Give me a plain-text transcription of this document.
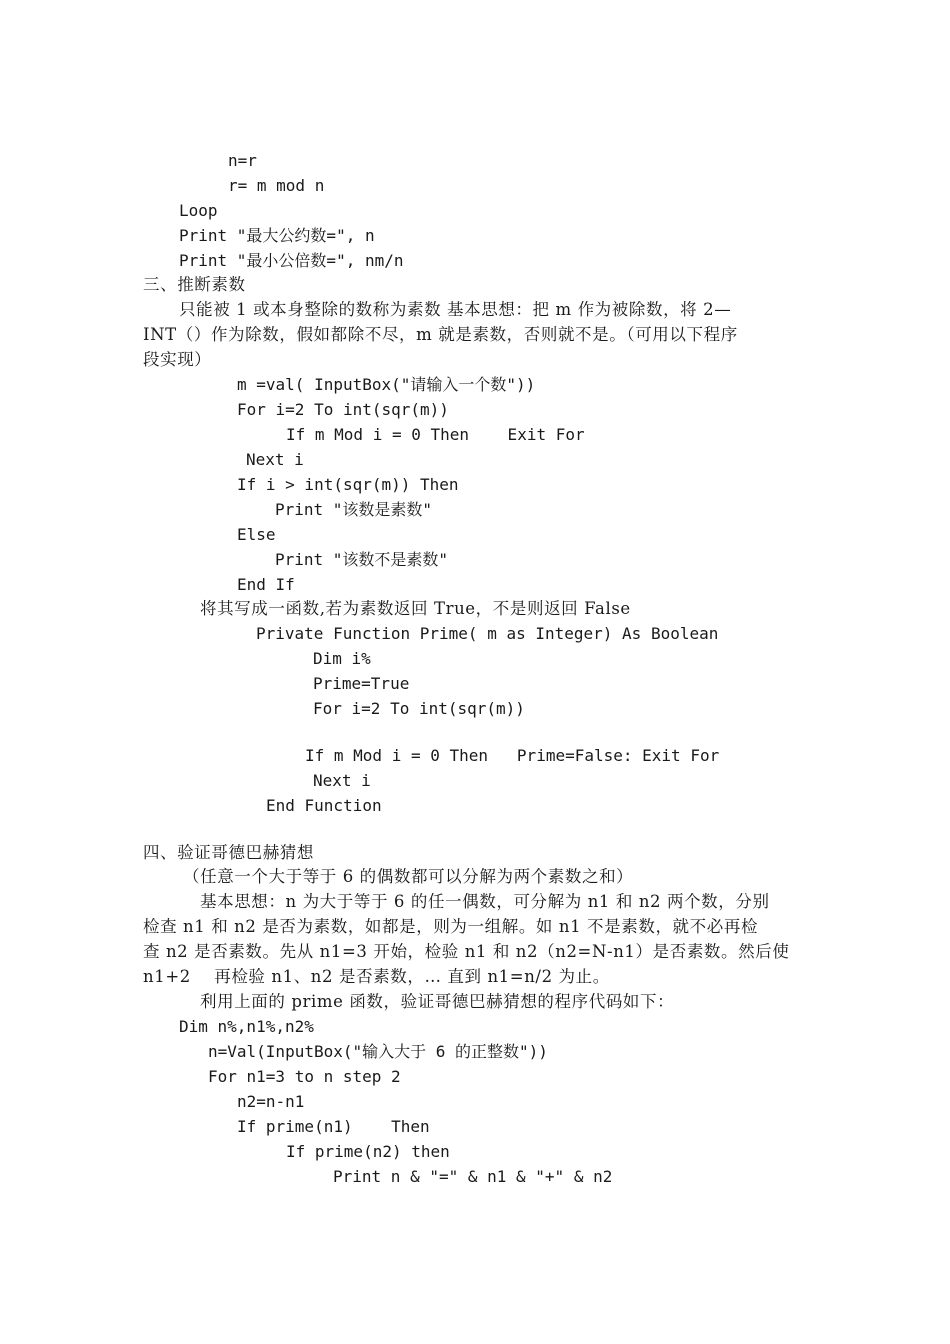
n=r
r= m mod n
Loop
Print "最大公约数=", n
Print "最小公倍数=", nm/n
三、推断素数
只能被 1 或本身整除的数称为素数 基本思想：把 m 作为被除数，将 2—
INT（）作为除数，假如都除不尽，m 就是素数，否则就不是。（可用以下程序
段实现）
m =val( InputBox("请输入一个数"))
For i=2 To int(sqr(m))
If m Mod i = 0 Then    Exit For
Next i
If i > int(sqr(m)) Then
Print "该数是素数"
Else
Print "该数不是素数"
End If
将其写成一函数,若为素数返回 True，不是则返回 False
Private Function Prime( m as Integer) As Boolean
Dim i%
Prime=True
For i=2 To int(sqr(m))
If m Mod i = 0 Then   Prime=False: Exit For
Next i
End Function
四、验证哥德巴赫猜想
（任意一个大于等于 6 的偶数都可以分解为两个素数之和）
基本思想：n 为大于等于 6 的任一偶数，可分解为 n1 和 n2 两个数，分别
检查 n1 和 n2 是否为素数，如都是，则为一组解。如 n1 不是素数，就不必再检
查 n2 是否素数。先从 n1=3 开始，检验 n1 和 n2（n2=N-n1）是否素数。然后使
n1+2    再检验 n1、n2 是否素数，… 直到 n1=n/2 为止。
利用上面的 prime 函数，验证哥德巴赫猜想的程序代码如下：
Dim n%,n1%,n2%
n=Val(InputBox("输入大于 6 的正整数"))
For n1=3 to n step 2
n2=n-n1
If prime(n1)    Then
If prime(n2) then
Print n & "=" & n1 & "+" & n2
